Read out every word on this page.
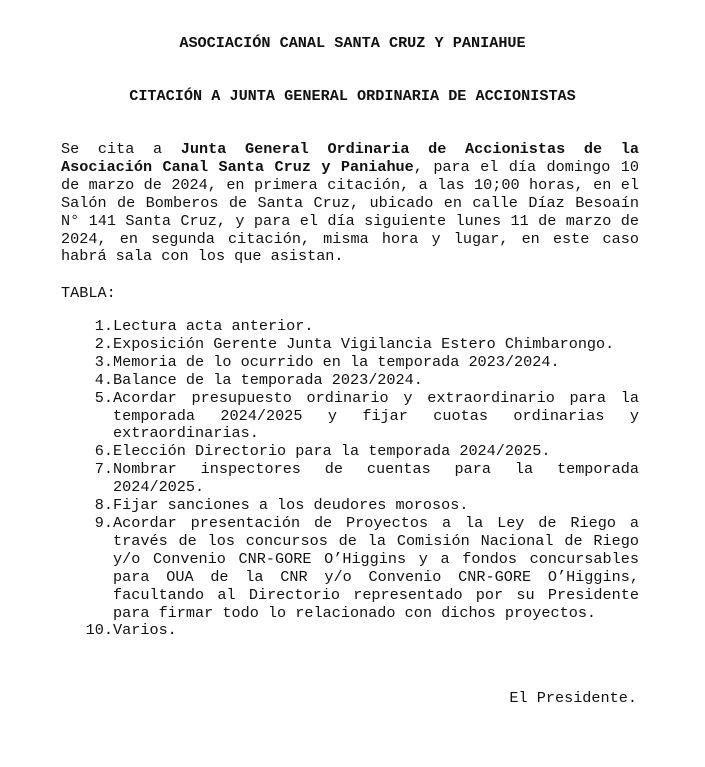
ASOCIACIÓN CANAL SANTA CRUZ Y PANIAHUE

CITACIÓN A JUNTA GENERAL ORDINARIA DE ACCIONISTAS

Se cita a Junta General Ordinaria de Accionistas de la Asociación Canal Santa Cruz y Paniahue, para el día domingo 10 de marzo de 2024, en primera citación, a las 10;00 horas, en el Salón de Bomberos de Santa Cruz, ubicado en calle Díaz Besoaín N° 141 Santa Cruz, y para el día siguiente lunes 11 de marzo de 2024, en segunda citación, misma hora y lugar, en este caso habrá sala con los que asistan.

TABLA:

1. Lectura acta anterior.
2. Exposición Gerente Junta Vigilancia Estero Chimbarongo.
3. Memoria de lo ocurrido en la temporada 2023/2024.
4. Balance de la temporada 2023/2024.
5. Acordar presupuesto ordinario y extraordinario para la temporada 2024/2025 y fijar cuotas ordinarias y extraordinarias.
6. Elección Directorio para la temporada 2024/2025.
7. Nombrar inspectores de cuentas para la temporada 2024/2025.
8. Fijar sanciones a los deudores morosos.
9. Acordar presentación de Proyectos a la Ley de Riego a través de los concursos de la Comisión Nacional de Riego y/o Convenio CNR-GORE O’Higgins y a fondos concursables para OUA de la CNR y/o Convenio CNR-GORE O’Higgins, facultando al Directorio representado por su Presidente para firmar todo lo relacionado con dichos proyectos.
10. Varios.

El Presidente.
